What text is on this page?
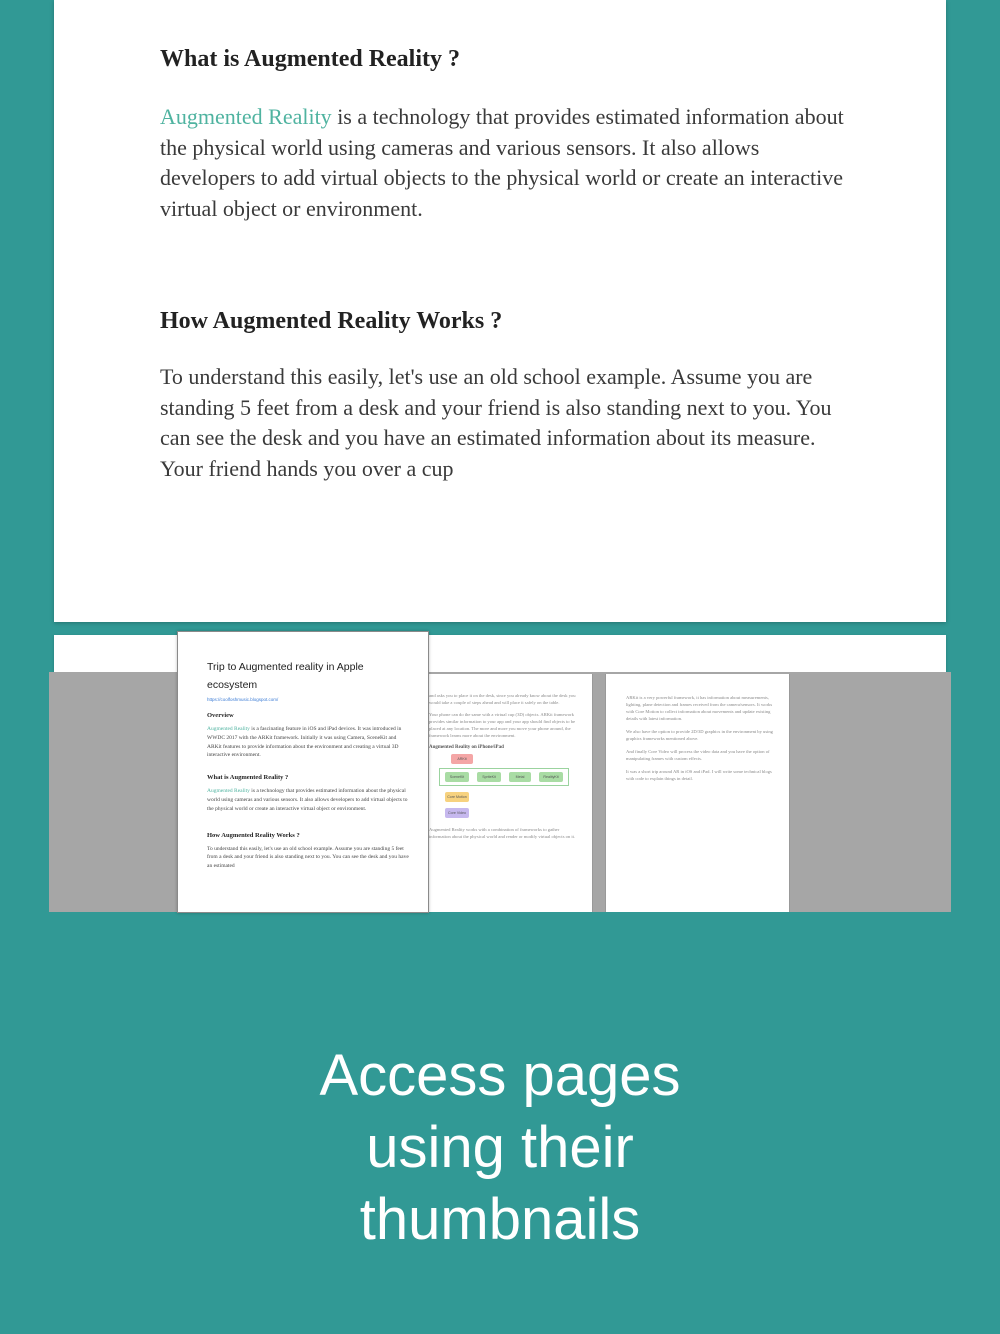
What is Augmented Reality ?

Augmented Reality is a technology that provides estimated information about the physical world using cameras and various sensors. It also allows developers to add virtual objects to the physical world or create an interactive virtual object or environment.

How Augmented Reality Works ?

To understand this easily, let's use an old school example. Assume you are standing 5 feet from a desk and your friend is also standing next to you. You can see the desk and you have an estimated information about its measure. Your friend hands you over a cup

and asks you to place it on the desk, since you already know about the desk you would take a couple of steps ahead and will place it safely on the table.

Your phone can do the same with a virtual cup (3D) objects. ARKit framework provides similar information to your app and your app should find objects to be placed at any location. The more and more you move your phone around, the framework learns more about the environment.

Augmented Reality on iPhone/iPad
ARKit
SceneKit	SpriteKit	Metal	RealityKit
Core Motion
Core Video

Augmented Reality works with a combination of frameworks to gather information about the physical world and render or modify virtual objects on it.

ARKit is a very powerful framework, it has information about measurements, lighting, plane detection and frames received from the camera/sensors. It works with Core Motion to collect information about movements and update existing details with latest information.

We also have the option to provide 2D/3D graphics in the environment by using graphics frameworks mentioned above.

And finally Core Video will process the video data and you have the option of manipulating frames with custom effects.

It was a short trip around AR in iOS and iPad. I will write some technical blogs with code to explain things in detail.

Trip to Augmented reality in Apple ecosystem
https://coolfoshmusic.blogspot.com/
Overview

Augmented Reality is a fascinating feature in iOS and iPad devices. It was introduced in WWDC 2017 with the ARKit framework. Initially it was using Camera, SceneKit and ARKit features to provide information about the environment and creating a virtual 3D interactive environment.

What is Augmented Reality ?

Augmented Reality is a technology that provides estimated information about the physical world using cameras and various sensors. It also allows developers to add virtual objects to the physical world or create an interactive virtual object or environment.

How Augmented Reality Works ?

To understand this easily, let's use an old school example. Assume you are standing 5 feet from a desk and your friend is also standing next to you. You can see the desk and you have an estimated

Access pages
using their
thumbnails
